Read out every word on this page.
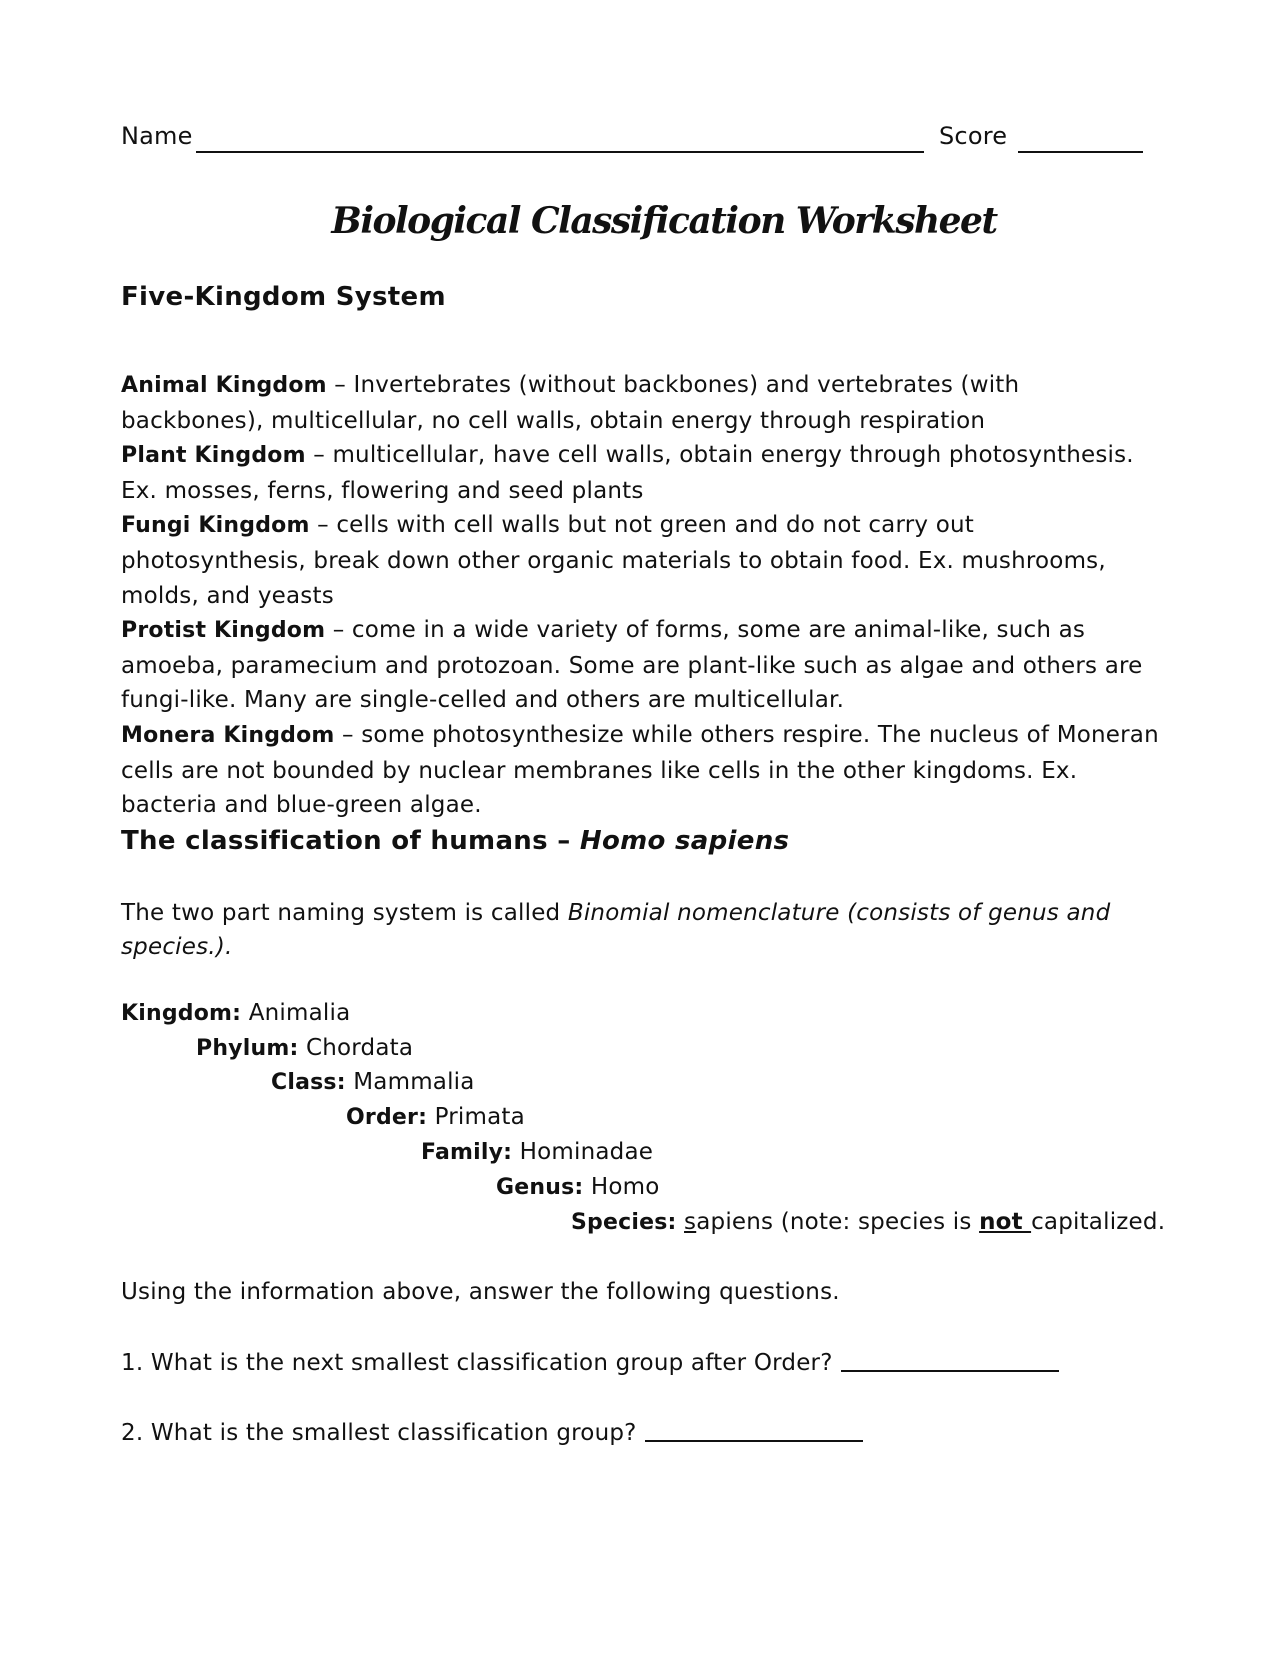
Name	Score
Biological Classification Worksheet
Five-Kingdom System

Animal Kingdom – Invertebrates (without backbones) and vertebrates (with backbones), multicellular, no cell walls, obtain energy through respiration

Plant Kingdom – multicellular, have cell walls, obtain energy through photosynthesis. Ex. mosses, ferns, flowering and seed plants

Fungi Kingdom – cells with cell walls but not green and do not carry out photosynthesis, break down other organic materials to obtain food. Ex. mushrooms, molds, and yeasts

Protist Kingdom – come in a wide variety of forms, some are animal-like, such as amoeba, paramecium and protozoan. Some are plant-like such as algae and others are fungi-like. Many are single-celled and others are multicellular.

Monera Kingdom – some photosynthesize while others respire. The nucleus of Moneran cells are not bounded by nuclear membranes like cells in the other kingdoms. Ex. bacteria and blue-green algae.

The classification of humans – Homo sapiens
The two part naming system is called Binomial nomenclature (consists of genus and species.).
Kingdom: Animalia
Phylum: Chordata
Class: Mammalia
Order: Primata
Family: Hominadae
Genus: Homo
Species: sapiens (note: species is not capitalized.
Using the information above, answer the following questions.
1. What is the next smallest classification group after Order?
2. What is the smallest classification group?
